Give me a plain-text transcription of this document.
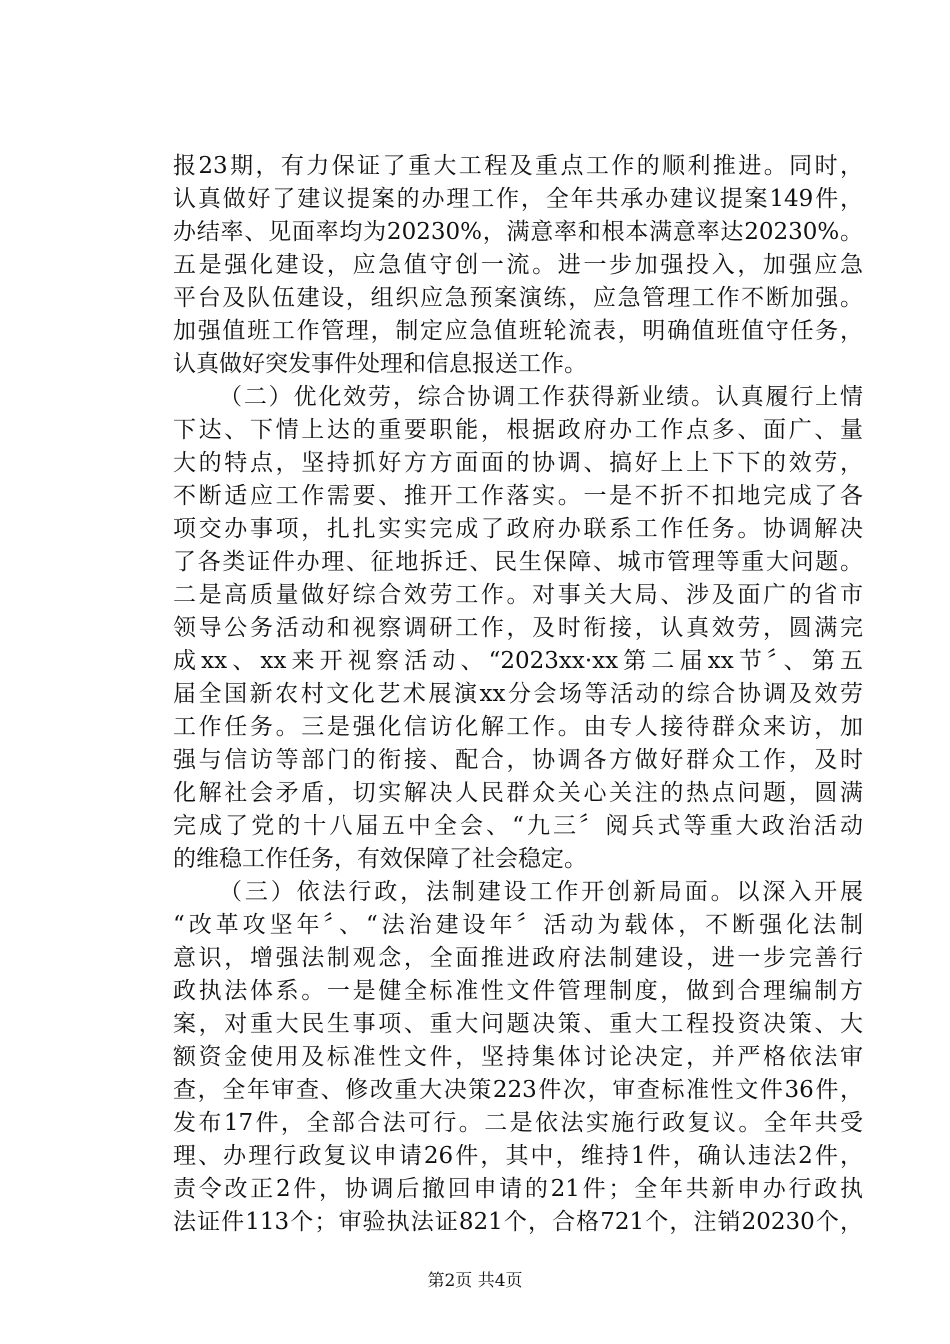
报23期，有力保证了重大工程及重点工作的顺利推进。同时，
认真做好了建议提案的办理工作，全年共承办建议提案149件，
办结率、见面率均为20230%，满意率和根本满意率达20230%。
五是强化建设，应急值守创一流。进一步加强投入，加强应急
平台及队伍建设，组织应急预案演练，应急管理工作不断加强。
加强值班工作管理，制定应急值班轮流表，明确值班值守任务，
认真做好突发事件处理和信息报送工作。
（二）优化效劳，综合协调工作获得新业绩。认真履行上情
下达、下情上达的重要职能，根据政府办工作点多、面广、量
大的特点，坚持抓好方方面面的协调、搞好上上下下的效劳，
不断适应工作需要、推开工作落实。一是不折不扣地完成了各
项交办事项，扎扎实实完成了政府办联系工作任务。协调解决
了各类证件办理、征地拆迁、民生保障、城市管理等重大问题。
二是高质量做好综合效劳工作。对事关大局、涉及面广的省市
领导公务活动和视察调研工作，及时衔接，认真效劳，圆满完
成xx、xx来开视察活动、“2023xx·xx第二届xx节〞、第五
届全国新农村文化艺术展演xx分会场等活动的综合协调及效劳
工作任务。三是强化信访化解工作。由专人接待群众来访，加
强与信访等部门的衔接、配合，协调各方做好群众工作，及时
化解社会矛盾，切实解决人民群众关心关注的热点问题，圆满
完成了党的十八届五中全会、“九三〞阅兵式等重大政治活动
的维稳工作任务，有效保障了社会稳定。
（三）依法行政，法制建设工作开创新局面。以深入开展
“改革攻坚年〞、“法治建设年〞活动为载体，不断强化法制
意识，增强法制观念，全面推进政府法制建设，进一步完善行
政执法体系。一是健全标准性文件管理制度，做到合理编制方
案，对重大民生事项、重大问题决策、重大工程投资决策、大
额资金使用及标准性文件，坚持集体讨论决定，并严格依法审
查，全年审查、修改重大决策223件次，审查标准性文件36件，
发布17件，全部合法可行。二是依法实施行政复议。全年共受
理、办理行政复议申请26件，其中，维持1件，确认违法2件，
责令改正2件，协调后撤回申请的21件；全年共新申办行政执
法证件113个；审验执法证821个，合格721个，注销20230个，
第2页 共4页
